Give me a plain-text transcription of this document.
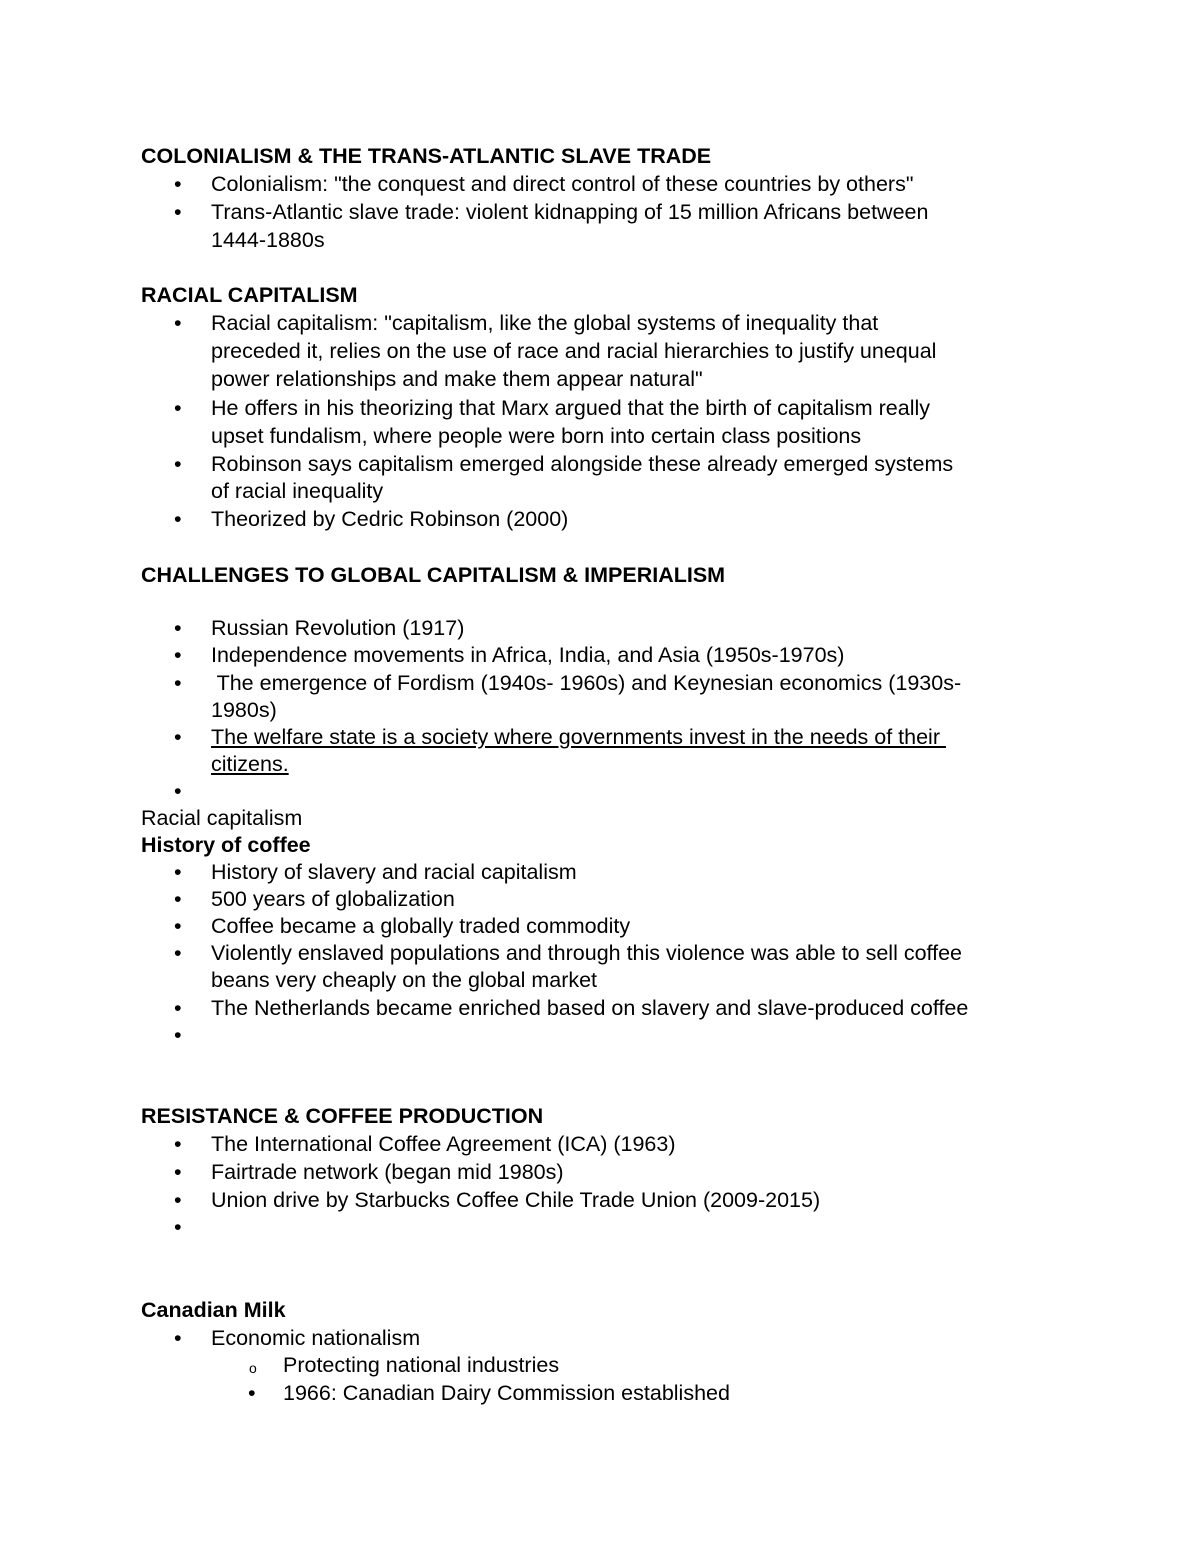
COLONIALISM & THE TRANS-ATLANTIC SLAVE TRADE
• Colonialism: "the conquest and direct control of these countries by others"
• Trans-Atlantic slave trade: violent kidnapping of 15 million Africans between
1444-1880s
RACIAL CAPITALISM
• Racial capitalism: "capitalism, like the global systems of inequality that
preceded it, relies on the use of race and racial hierarchies to justify unequal
power relationships and make them appear natural"
• He offers in his theorizing that Marx argued that the birth of capitalism really
upset fundalism, where people were born into certain class positions
• Robinson says capitalism emerged alongside these already emerged systems
of racial inequality
• Theorized by Cedric Robinson (2000)
CHALLENGES TO GLOBAL CAPITALISM & IMPERIALISM
• Russian Revolution (1917)
• Independence movements in Africa, India, and Asia (1950s-1970s)
• The emergence of Fordism (1940s- 1960s) and Keynesian economics (1930s-
1980s)
• The welfare state is a society where governments invest in the needs of their
citizens.
•
Racial capitalism
History of coffee
• History of slavery and racial capitalism
• 500 years of globalization
• Coffee became a globally traded commodity
• Violently enslaved populations and through this violence was able to sell coffee
beans very cheaply on the global market
• The Netherlands became enriched based on slavery and slave-produced coffee
•
RESISTANCE & COFFEE PRODUCTION
• The International Coffee Agreement (ICA) (1963)
• Fairtrade network (began mid 1980s)
• Union drive by Starbucks Coffee Chile Trade Union (2009-2015)
•
Canadian Milk
• Economic nationalism
o Protecting national industries
• 1966: Canadian Dairy Commission established
